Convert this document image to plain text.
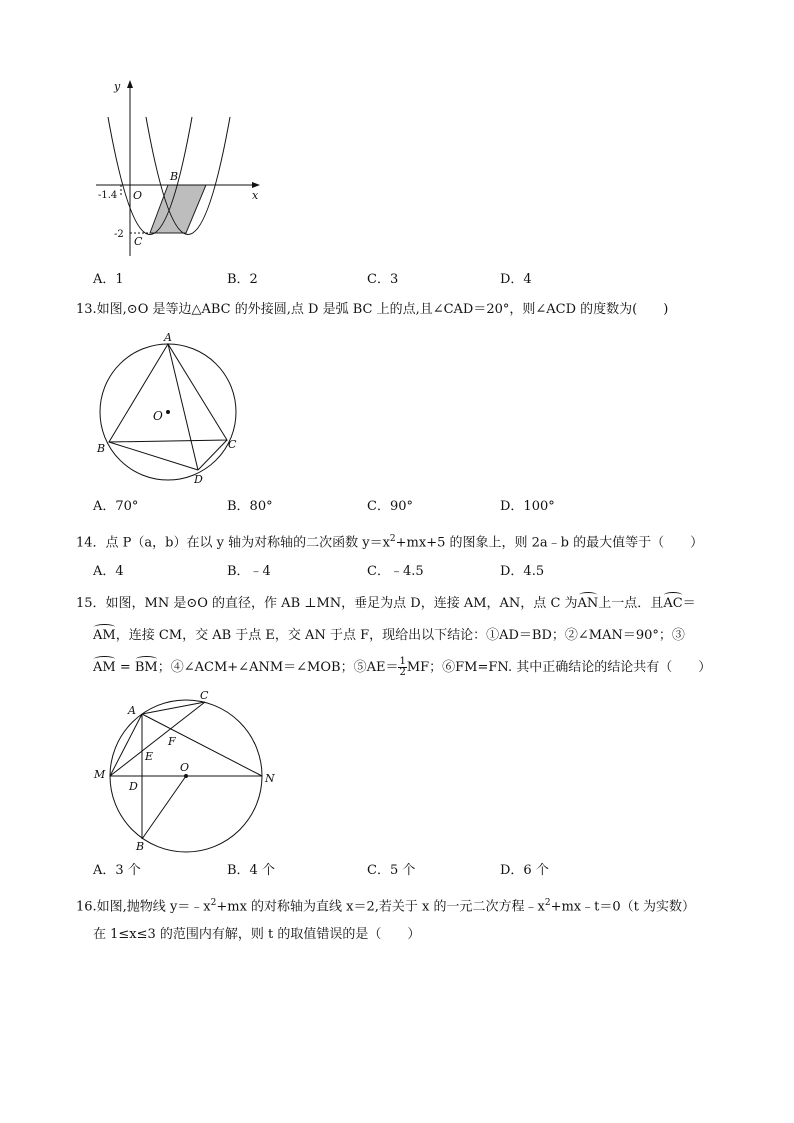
y
x
O
-1.4
-2
B
C
A．1	B．2	C．3	D．4
13.如图,⊙O 是等边△ABC 的外接圆,点 D 是弧 BC 上的点,且∠CAD＝20°，则∠ACD 的度数为(　　)
A
B	C
D
O
A．70°	B．80°	C．90°	D．100°
14．点 P（a，b）在以 y 轴为对称轴的二次函数 $y=x^2+mx+5$ 的图象上，则 2a﹣b 的最大值等于（　　）
A．4	B．﹣4	C．﹣4.5	D．4.5
15．如图，MN 是⊙O 的直径，作 AB ⊥MN，垂足为点 D，连接 AM，AN，点 C 为AN上一点．且AC＝
AM，连接 CM，交 AB 于点 E，交 AN 于点 F，现给出以下结论：①AD＝BD；②∠MAN＝90°；③
AM = BM；④∠ACM+∠ANM＝∠MOB；⑤AE＝ $\frac{1}{2}$ MF；⑥FM=FN. 其中正确结论的结论共有（　　）
A
C
F
E
O
M	N
D
B
A．3 个	B．4 个	C．5 个	D．6 个
16.如图,抛物线 $y=﹣x^2+mx$ 的对称轴为直线 x＝2,若关于 x 的一元二次方程$﹣x^2+mx﹣t=0(t$ 为实数）
在 1≤x≤3 的范围内有解，则 t 的取值错误的是（　　）
